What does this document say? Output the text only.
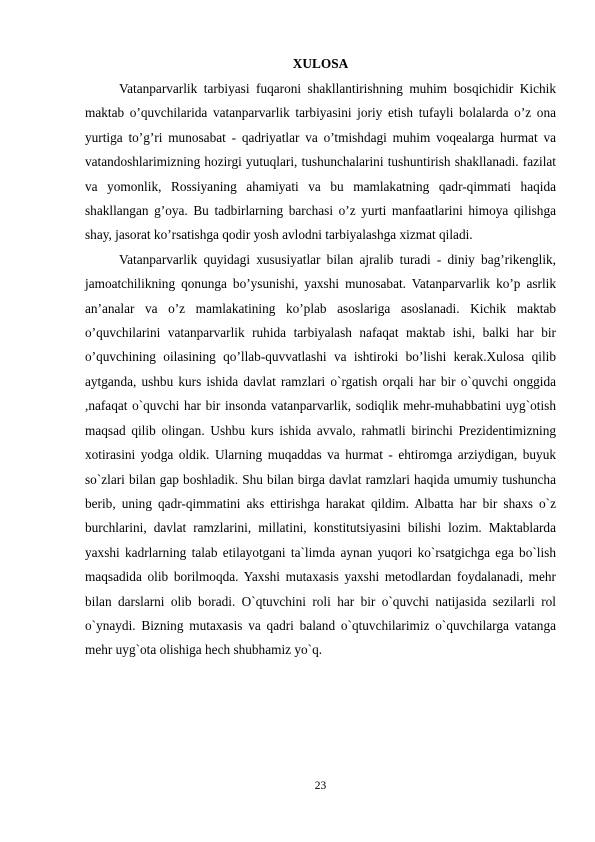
XULOSA

Vatanparvarlik tarbiyasi fuqaroni shakllantirishning muhim bosqichidir Kichik maktab o’quvchilarida vatanparvarlik tarbiyasini joriy etish tufayli bolalarda o’z ona yurtiga to’g’ri munosabat - qadriyatlar va o’tmishdagi muhim voqealarga hurmat va vatandoshlarimizning hozirgi yutuqlari, tushunchalarini tushuntirish shakllanadi. fazilat va yomonlik, Rossiyaning ahamiyati va bu mamlakatning qadr-qimmati haqida shakllangan g’oya. Bu tadbirlarning barchasi o’z yurti manfaatlarini himoya qilishga shay, jasorat ko’rsatishga qodir yosh avlodni tarbiyalashga xizmat qiladi.

Vatanparvarlik quyidagi xususiyatlar bilan ajralib turadi - diniy bag’rikenglik, jamoatchilikning qonunga bo’ysunishi, yaxshi munosabat. Vatanparvarlik ko’p asrlik an’analar va o’z mamlakatining ko’plab asoslariga asoslanadi. Kichik maktab o’quvchilarini vatanparvarlik ruhida tarbiyalash nafaqat maktab ishi, balki har bir o’quvchining oilasining qo’llab-quvvatlashi va ishtiroki bo’lishi kerak.Xulosa qilib aytganda, ushbu kurs ishida davlat ramzlari o`rgatish orqali har bir o`quvchi onggida ,nafaqat o`quvchi har bir insonda vatanparvarlik, sodiqlik mehr-muhabbatini uyg`otish maqsad qilib olingan. Ushbu kurs ishida avvalo, rahmatli birinchi Prezidentimizning xotirasini yodga oldik. Ularning muqaddas va hurmat - ehtiromga arziydigan, buyuk so`zlari bilan gap boshladik. Shu bilan birga davlat ramzlari haqida umumiy tushuncha berib, uning qadr-qimmatini aks ettirishga harakat qildim. Albatta har bir shaxs o`z burchlarini, davlat ramzlarini, millatini, konstitutsiyasini bilishi lozim. Maktablarda yaxshi kadrlarning talab etilayotgani ta`limda aynan yuqori ko`rsatgichga ega bo`lish maqsadida olib borilmoqda. Yaxshi mutaxasis yaxshi metodlardan foydalanadi, mehr bilan darslarni olib boradi. O`qtuvchini roli har bir o`quvchi natijasida sezilarli rol o`ynaydi. Bizning mutaxasis va qadri baland o`qtuvchilarimiz o`quvchilarga vatanga mehr uyg`ota olishiga hech shubhamiz yo`q.

23
